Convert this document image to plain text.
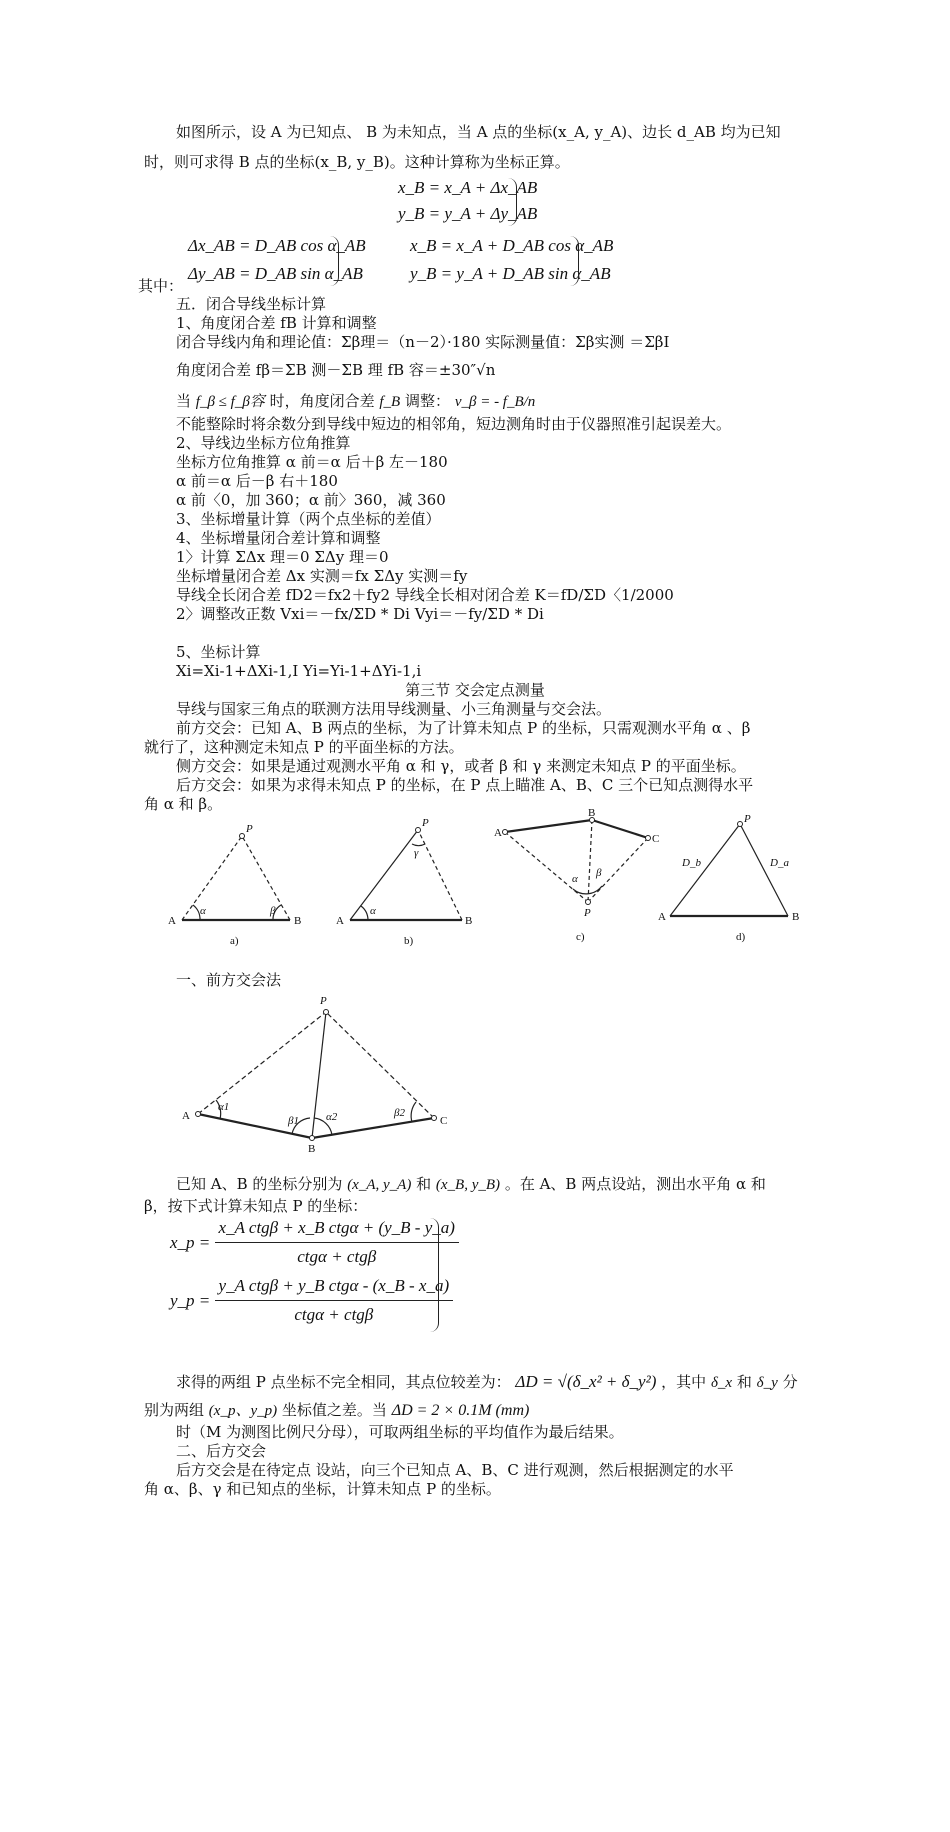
如图所示，设 A 为已知点、 B 为未知点，当 A 点的坐标(x_A, y_A)、边长 d_AB 均为已知
时，则可求得 B 点的坐标(x_B, y_B)。这种计算称为坐标正算。
x_B = x_A + Δx_AB
y_B = y_A + Δy_AB
其中：
Δx_AB = D_AB cos α_AB
Δy_AB = D_AB sin α_AB
x_B = x_A + D_AB cos α_AB
y_B = y_A + D_AB sin α_AB
五．闭合导线坐标计算
1、角度闭合差 fB 计算和调整
闭合导线内角和理论值：Σβ理＝（n－2）·180 实际测量值：Σβ实测 ＝ΣβI
角度闭合差 fβ＝ΣB 测－ΣB 理 fB 容＝±30″√n
当 f_β ≤ f_β容 时，角度闭合差 f_B 调整： v_β = - f_B/n
不能整除时将余数分到导线中短边的相邻角，短边测角时由于仪器照准引起误差大。
2、导线边坐标方位角推算
坐标方位角推算 α 前＝α 后＋β 左－180
α 前＝α 后－β 右＋180
α 前〈0，加 360；α 前〉360，减 360
3、坐标增量计算（两个点坐标的差值）
4、坐标增量闭合差计算和调整
1〉计算 ΣΔx 理＝0 ΣΔy 理＝0
坐标增量闭合差 Δx 实测＝fx ΣΔy 实测＝fy
导线全长闭合差 fD2＝fx2＋fy2 导线全长相对闭合差 K＝fD/ΣD〈1/2000
2〉调整改正数 Vxi＝－fx/ΣD * Di Vyi＝－fy/ΣD * Di
5、坐标计算
Xi=Xi-1+ΔXi-1,I Yi=Yi-1+ΔYi-1,i
第三节 交会定点测量
导线与国家三角点的联测方法用导线测量、小三角测量与交会法。
前方交会：已知 A、B 两点的坐标，为了计算未知点 P 的坐标，只需观测水平角 α 、β
就行了，这种测定未知点 P 的平面坐标的方法。
侧方交会：如果是通过观测水平角 α 和 γ，或者 β 和 γ 来测定未知点 P 的平面坐标。
后方交会：如果为求得未知点 P 的坐标，在 P 点上瞄准 A、B、C 三个已知点测得水平
角 α 和 β。
P
A	B
α	β
a)
P
A	B
α
γ
b)
A
B
C
P
α β
c)
P
A	B
D_b	D_a
d)
一、前方交会法
P
A
B
C
α1
β1 α2	β2
已知 A、B 的坐标分别为 (x_A, y_A) 和 (x_B, y_B) 。在 A、B 两点设站，测出水平角 α 和
β，按下式计算未知点 P 的坐标：
x_p = $\frac{\text{x\_A ctgβ + x\_B ctgα + (y\_B - y\_a)}}{\text{ctgα + ctgβ}}$
y_p = $\frac{\text{y\_A ctgβ + y\_B ctgα - (x\_B - x\_a)}}{\text{ctgα + ctgβ}}$
求得的两组 P 点坐标不完全相同，其点位较差为： ΔD = √(δ_x² + δ_y²) ，其中 δ_x 和 δ_y 分
别为两组 (x_p、y_p) 坐标值之差。当 ΔD = 2 × 0.1M (mm)
时（M 为测图比例尺分母），可取两组坐标的平均值作为最后结果。
二、后方交会
后方交会是在待定点 设站，向三个已知点 A、B、C 进行观测，然后根据测定的水平
角 α、β、γ 和已知点的坐标，计算未知点 P 的坐标。
